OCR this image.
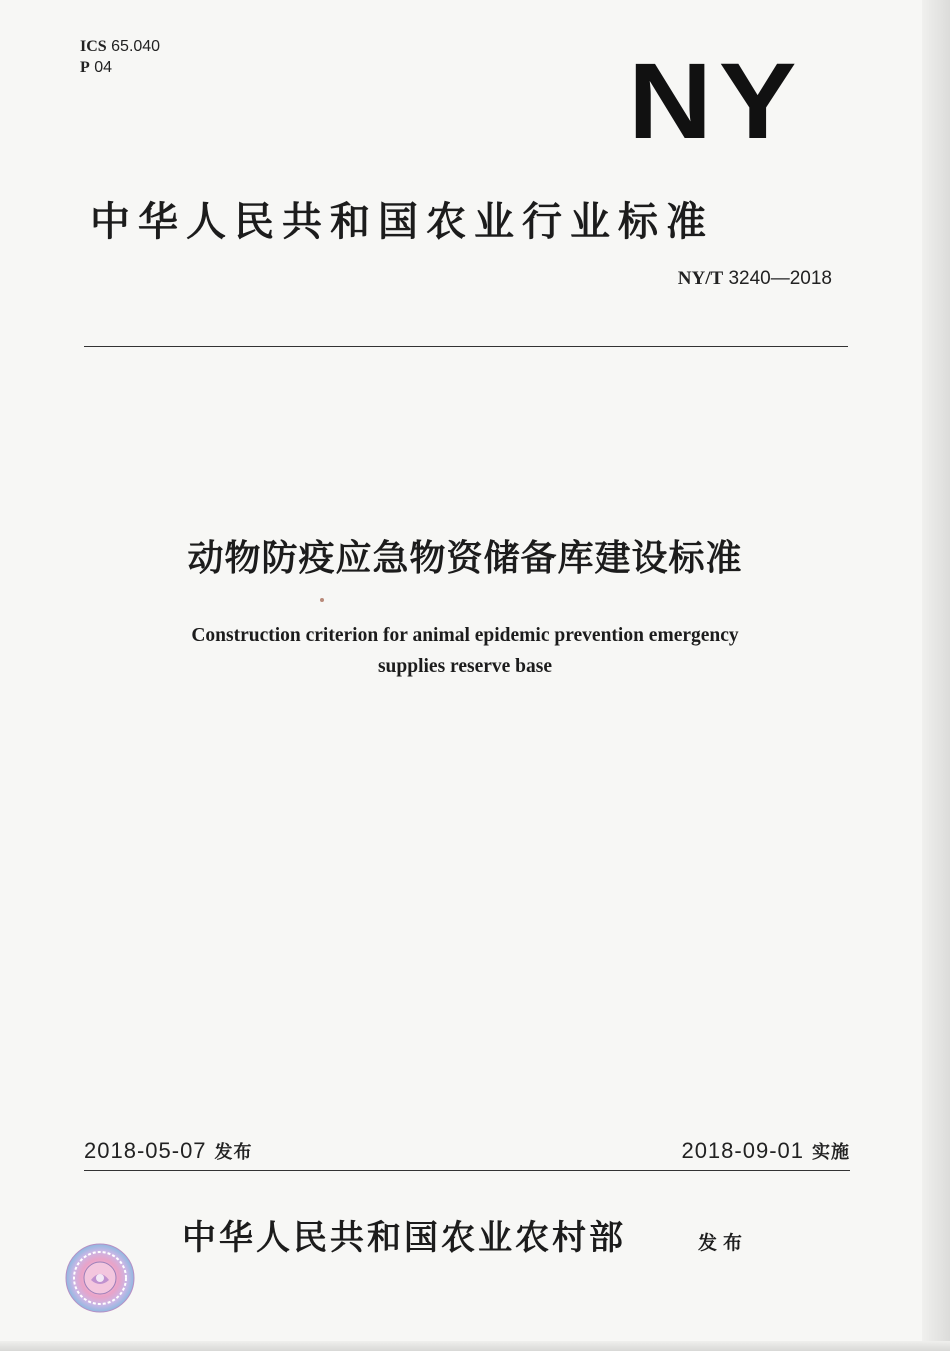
ICS 65.040
P 04	NY
中华人民共和国农业行业标准
NY/T 3240—2018
动物防疫应急物资储备库建设标准
Construction criterion for animal epidemic prevention emergency
supplies reserve base
2018-05-07 发布	2018-09-01 实施
中华人民共和国农业农村部	发布
